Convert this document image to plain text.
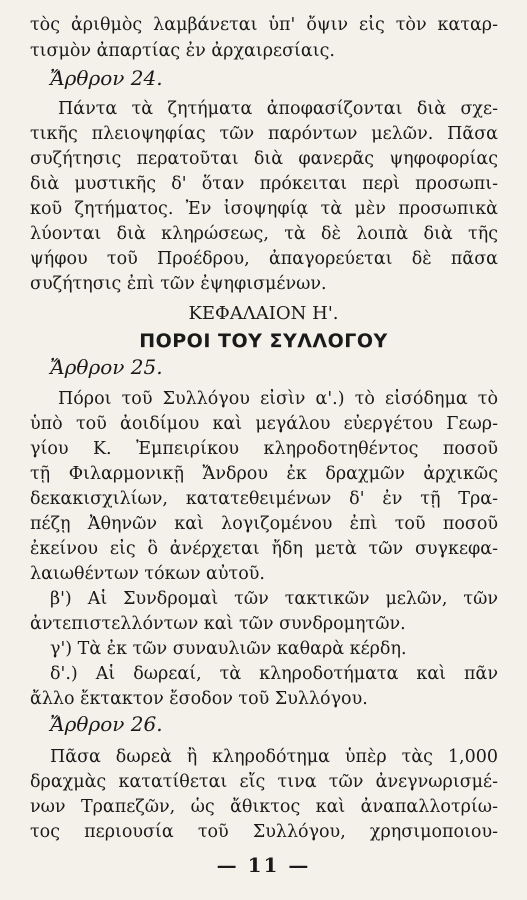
τὸς ἀριθμὸς λαμβάνεται ὑπ' ὄψιν εἰς τὸν καταρ-
τισμὸν ἀπαρτίας ἐν ἀρχαιρεσίαις.
Ἄρθρον 24.
Πάντα τὰ ζητήματα ἀποφασίζονται διὰ σχε-
τικῆς πλειοψηφίας τῶν παρόντων μελῶν. Πᾶσα
συζήτησις περατοῦται διὰ φανερᾶς ψηφοφορίας
διὰ μυστικῆς δ' ὅταν πρόκειται περὶ προσωπι-
κοῦ ζητήματος. Ἐν ἰσοψηφίᾳ τὰ μὲν προσωπικὰ
λύονται διὰ κληρώσεως, τὰ δὲ λοιπὰ διὰ τῆς
ψήφου τοῦ Προέδρου, ἀπαγορεύεται δὲ πᾶσα
συζήτησις ἐπὶ τῶν ἐψηφισμένων.
ΚΕΦΑΛΑΙΟΝ Η'.
ΠΟΡΟΙ ΤΟΥ ΣΥΛΛΟΓΟΥ
Ἄρθρον 25.
Πόροι τοῦ Συλλόγου εἰσὶν α'.) τὸ εἰσόδημα τὸ
ὑπὸ τοῦ ἀοιδίμου καὶ μεγάλου εὐεργέτου Γεωρ-
γίου Κ. Ἐμπειρίκου κληροδοτηθέντος ποσοῦ
τῇ Φιλαρμονικῇ Ἄνδρου ἐκ δραχμῶν ἀρχικῶς
δεκακισχιλίων, κατατεθειμένων δ' ἐν τῇ Τρα-
πέζῃ Ἀθηνῶν καὶ λογιζομένου ἐπὶ τοῦ ποσοῦ
ἐκείνου εἰς ὃ ἀνέρχεται ἤδη μετὰ τῶν συγκεφα-
λαιωθέντων τόκων αὐτοῦ.
β') Αἱ Συνδρομαὶ τῶν τακτικῶν μελῶν, τῶν
ἀντεπιστελλόντων καὶ τῶν συνδρομητῶν.
γ') Τὰ ἐκ τῶν συναυλιῶν καθαρὰ κέρδη.
δ'.) Αἱ δωρεαί, τὰ κληροδοτήματα καὶ πᾶν
ἄλλο ἔκτακτον ἔσοδον τοῦ Συλλόγου.
Ἄρθρον 26.
Πᾶσα δωρεὰ ἢ κληροδότημα ὑπὲρ τὰς 1,000
δραχμὰς κατατίθεται εἴς τινα τῶν ἀνεγνωρισμέ-
νων Τραπεζῶν, ὡς ἄθικτος καὶ ἀναπαλλοτρίω-
τος περιουσία τοῦ Συλλόγου, χρησιμοποιου-
— 11 —
